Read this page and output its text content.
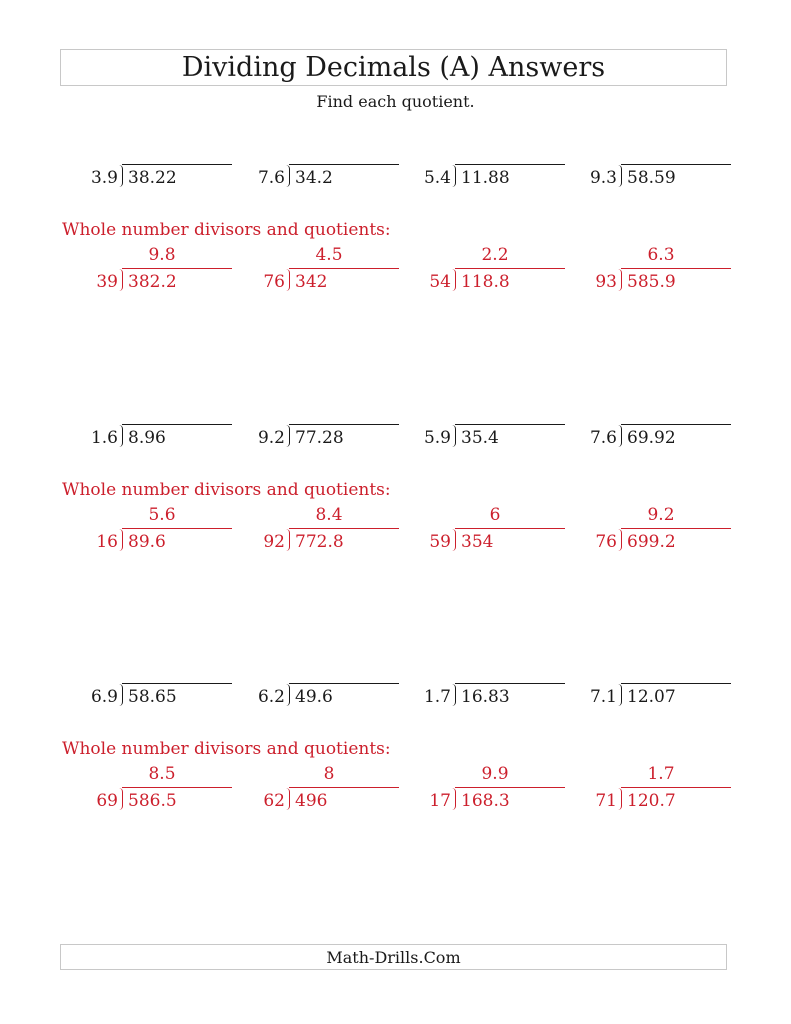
Dividing Decimals (A) Answers
Find each quotient.
3.9 38.22	7.6 34.2	5.4 11.88	9.3 58.59
Whole number divisors and quotients:
9.8
39 382.2
4.5
76 342
2.2
54 118.8
6.3
93 585.9
1.6 8.96	9.2 77.28	5.9 35.4	7.6 69.92
Whole number divisors and quotients:
5.6
16 89.6
8.4
92 772.8
6
59 354
9.2
76 699.2
6.9 58.65	6.2 49.6	1.7 16.83	7.1 12.07
Whole number divisors and quotients:
8.5
69 586.5
8
62 496
9.9
17 168.3
1.7
71 120.7
Math-Drills.Com
